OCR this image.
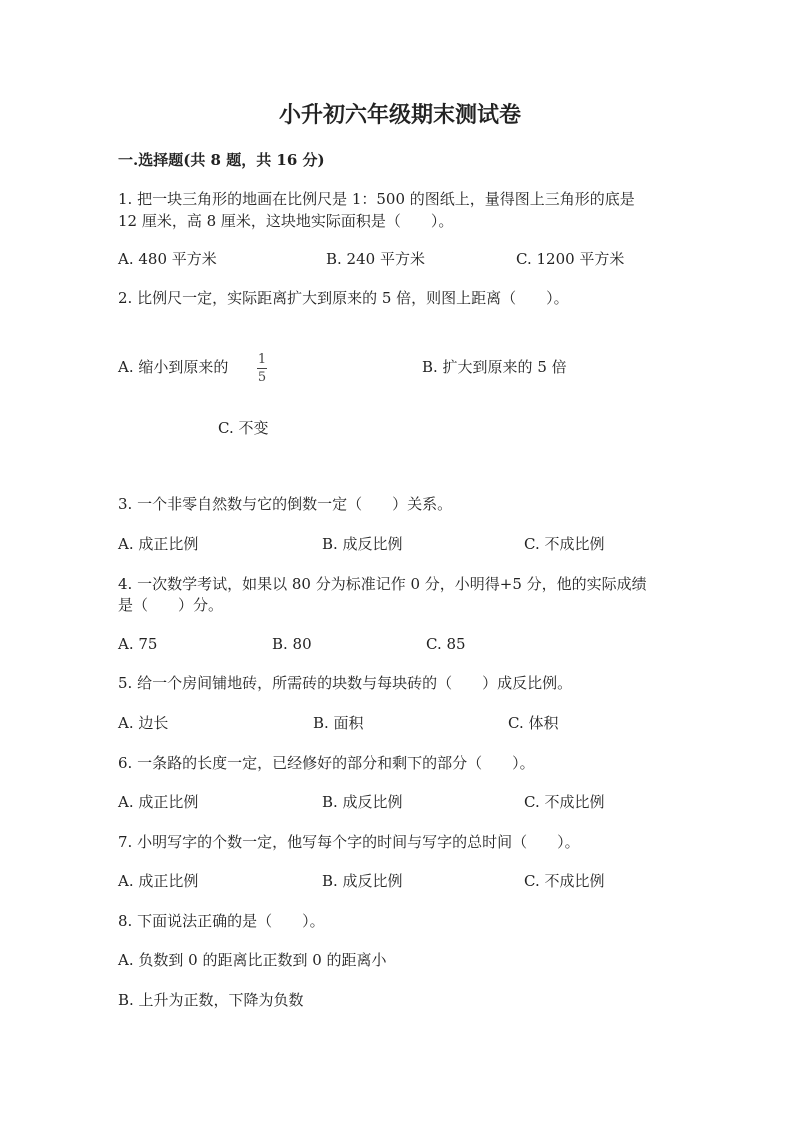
小升初六年级期末测试卷
一.选择题(共 8 题，共 16 分)
1. 把一块三角形的地画在比例尺是 1：500 的图纸上，量得图上三角形的底是
12 厘米，高 8 厘米，这块地实际面积是（　　）。
A. 480 平方米	B. 240 平方米	C. 1200 平方米
2. 比例尺一定，实际距离扩大到原来的 5 倍，则图上距离（　　）。
A. 缩小到原来的 1
5
B. 扩大到原来的 5 倍
C. 不变
3. 一个非零自然数与它的倒数一定（　　）关系。
A. 成正比例	B. 成反比例	C. 不成比例
4. 一次数学考试，如果以 80 分为标准记作 0 分，小明得+5 分，他的实际成绩
是（　　）分。
A. 75	B. 80	C. 85
5. 给一个房间铺地砖，所需砖的块数与每块砖的（　　）成反比例。
A. 边长	B. 面积	C. 体积
6. 一条路的长度一定，已经修好的部分和剩下的部分（　　）。
A. 成正比例	B. 成反比例	C. 不成比例
7. 小明写字的个数一定，他写每个字的时间与写字的总时间（　　）。
A. 成正比例	B. 成反比例	C. 不成比例
8. 下面说法正确的是（　　）。
A. 负数到 0 的距离比正数到 0 的距离小
B. 上升为正数，下降为负数
